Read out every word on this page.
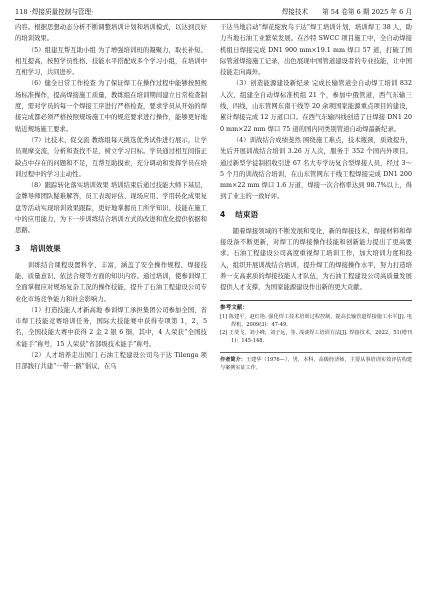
118 ·焊接质量控制与管理·	焊接技术 第 54 卷第 6 期 2025 年 6 月

内容。根据思想动态分析不断调整培训计划和培训模式，以达到良好的培训效果。

（5）组建互帮互助小组 为了增强培训班的凝聚力，取长补短、相互提高，按照学员性格、技能水平搭配成多个学习小组，在培训中互相学习，共同进步。

（6）健全日常工作检查 为了保证焊工在操作过程中能够按照规场标准操作，提高焊接施工质量，教练组在培训期间建立日常检查制度，需对学员的每一个焊接工序进行严格检查，要求学员从开始的焊接完成都必须严格按照规场施工中的规范要求进行操作，能够更好地贴近规场施工要求。

（7）比技术、促交流 教练组每天挑选优秀试件进行展示，让学员观摩交流，分析和查找不足，树立学习目标。学员通过相互间指正缺点中存在的问题和不足，互帮互助摸索，充分调动和发挥学员在培训过程中的学习主动性。

（8）跟踪转化落实培训效果 培训结束后通过技能大师下基层，金牌导师团队疑难解答，员工表现评估、现场应用、学用转化成果复盘等活动实现培训效果跟踪，更好地掌握员工所学知识、技能在施工中的应用能力，为下一步训练结合培训方式的改进和优化提供依据和思路。

3 培训效果

训练结合课程设置科学、丰富，涵盖了安全操作规程、焊接技能、质量意识、依法合规等方面的知识内容。通过培训，使参训焊工全面掌握应对规场复杂工况的操作技能，提升了石油工程建设公司专业化市场竞争能力和社会影响力。

（1）打造技能人才新高地 参训焊工承担集团公司参加全国、省市焊工技能竞赛培训任务，国际大技能赛中获得专项第 1，2，5 名，全国技能大赛中获得 2 金 2 银 6 铜，其中，4 人荣获“全国技术能手”称号，15 人荣获“省部级技术能手”称号。

（2）人才培养走出国门 石油工程建设公司乌干达 Tilenga 项目部践行共建“一带一路”倡议，在乌

干达当地启动“焊花绽放乌干达”焊工培训计划，培训焊工 38 人，助力当地石油工业繁荣发展。在沙特 SWCC 项目施工中，全自动焊接机组日焊接完成 DN1 900 mm×19.1 mm 焊口 57 道，打破了国际管道焊接施工记录，出色展现中国管道建设者的专业技能，让中国技能走向海外。

（3）创造能源建设新纪录 完成长输管道全自动焊工培训 832 人次，组建全自动焊标准机组 21 个，参加中俄管道，西气东输三线，四线，山东管网东南干线等 20 余项国家能源重点项目的建设，累计焊接完成 12 万道口口。在西气东输四线创造了日焊接 DN1 200 mm×22 mm 焊口 75 道的国内同类别管道自动焊最新纪录。

（4）训战结合成绩斐然 围绕施工难点，技术瓶颈，质效提升，先后开展训战结合培训 3.26 万人次，服务于 352 个国内外项目。通过新型学徒制招收引进 67 名大专学历复合型焊接人员，经过 3～5 个月的训战结合培训，在山东管网东干线工程焊接完成 DN1 200 mm×22 mm 焊口 1.6 万道，焊接一次合格率达到 98.7%以上，得到了业主的一致好评。

4 结束语

随着焊接领域的不断发展和变化，新的焊接技术、焊接材料和焊接设备不断更新，对焊工的焊接操作技能和创新能力提出了更高要求。石油工程建设公司高度重视焊工培训工作，加大培训力度和投入，组织开展训战结合培训，提升焊工的焊接操作水平，努力打造培养一支高素质的焊接技能人才队伍，为石油工程建设公司高质量发展提供人才支撑，为国家能源建设作出新的更大贡献。

参考文献：

[1] 陈建平，赵红艳. 强化焊工技术培训过程控制，提高长输管道焊接施工水平[J]. 电焊机，2009(3)：47-49.

[2] 王斐飞，刘小峰，刘子远，等. 浅谈焊工培训方法[J]. 焊接技术，2022，51(增刊 1)：145-148.

作者简介：王建华（1976—），男，本科，高级经济师，主要从事培训实效评估构建与案例实证工作。
